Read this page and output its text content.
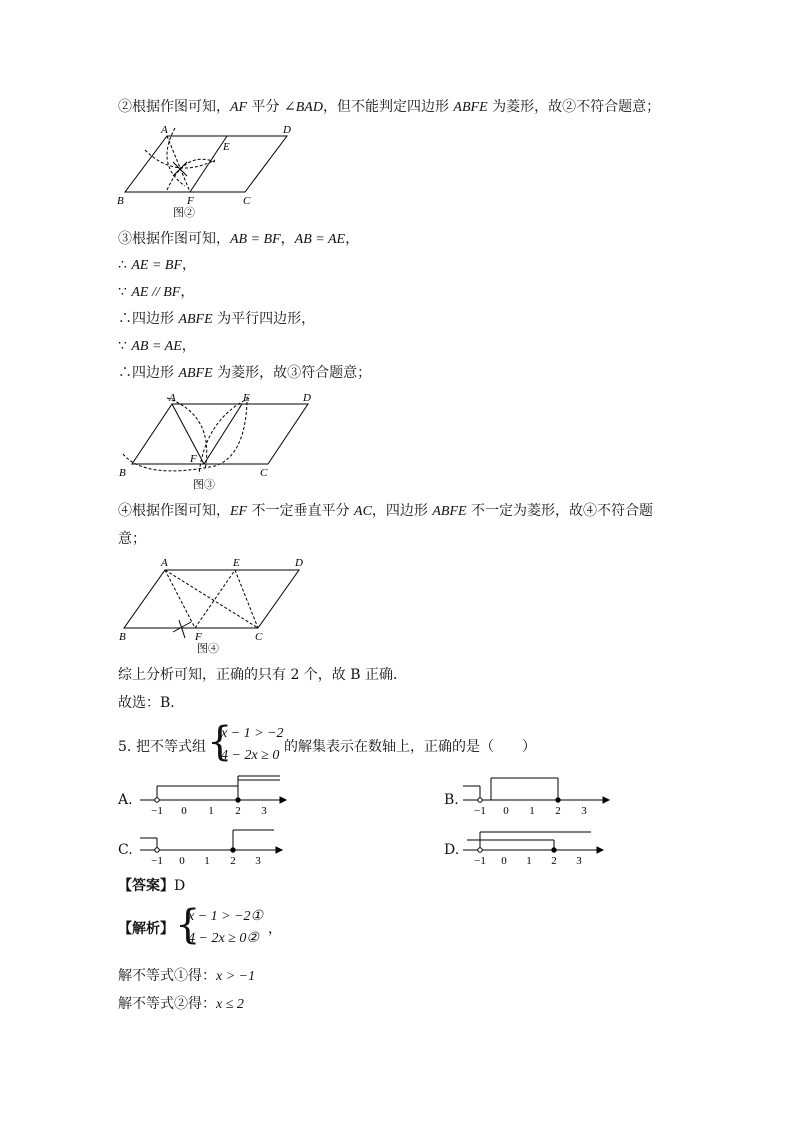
②根据作图可知，AF 平分 ∠BAD，但不能判定四边形 ABFE 为菱形，故②不符合题意；
A	D
E
B	F	C
图②
③根据作图可知，AB = BF，AB = AE，
∴ AE = BF，
∵ AE // BF，
∴四边形 ABFE 为平行四边形，
∵ AB = AE，
∴四边形 ABFE 为菱形，故③符合题意；
A	E	D
B
F
C
图③
④根据作图可知，EF 不一定垂直平分 AC，四边形 ABFE 不一定为菱形，故④不符合题
意；
A	E	D
B	F	C
图④
综上分析可知，正确的只有 2 个，故 B 正确．
故选：B．
5. 把不等式组 {
x − 1 > −2
4 − 2x ≥ 0
的解集表示在数轴上，正确的是（　　）
A.
−1 0 1 2 3
B.
−1 0 1 2 3
C.
−1 0 1 2 3
D.
−1 0 1 2 3
【答案】D
【解析】 {
x − 1 > −2①
4 − 2x ≥ 0②
，
解不等式①得：x > −1
解不等式②得：x ≤ 2
